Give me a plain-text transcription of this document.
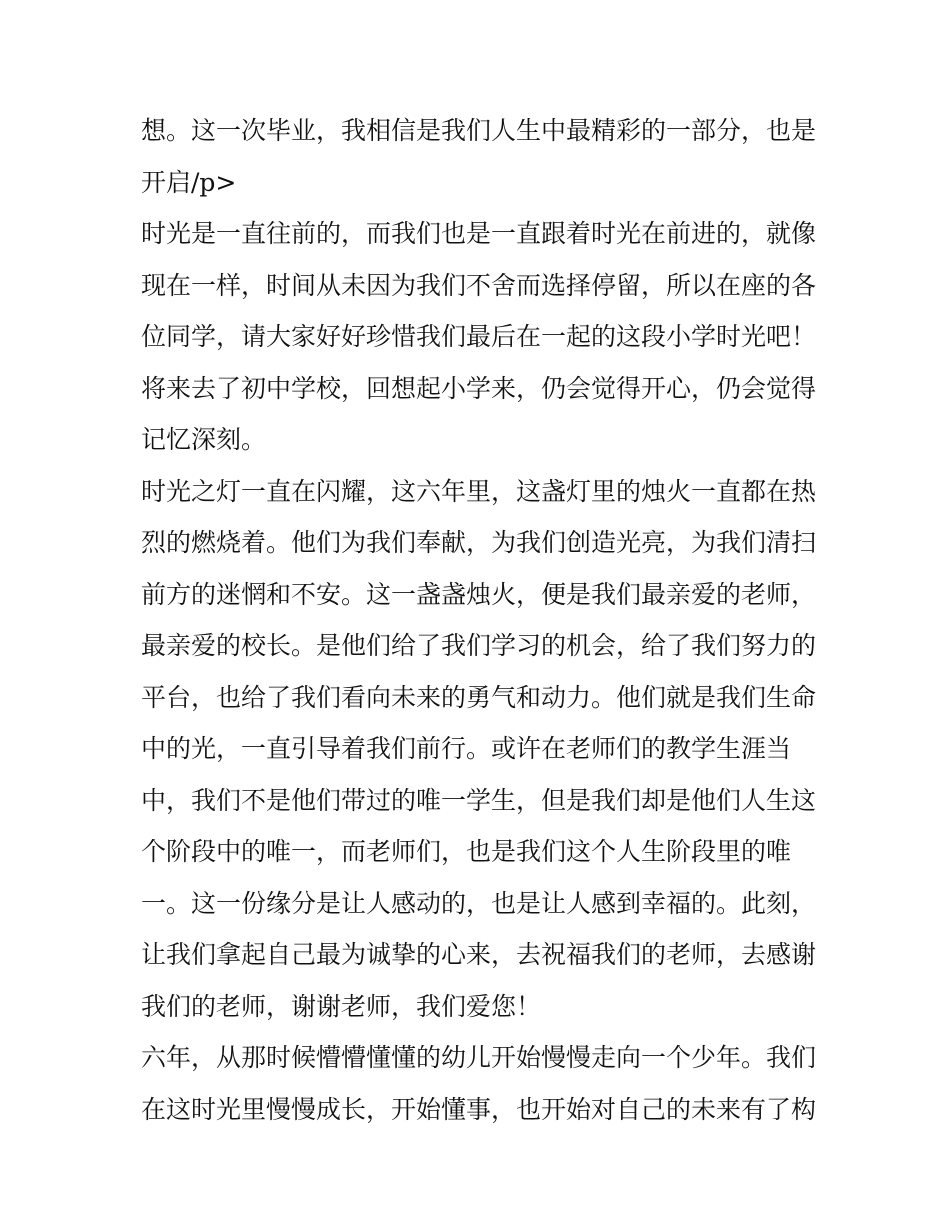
想。这一次毕业，我相信是我们人生中最精彩的一部分，也是
开启/p>
时光是一直往前的，而我们也是一直跟着时光在前进的，就像
现在一样，时间从未因为我们不舍而选择停留，所以在座的各
位同学，请大家好好珍惜我们最后在一起的这段小学时光吧！
将来去了初中学校，回想起小学来，仍会觉得开心，仍会觉得
记忆深刻。
时光之灯一直在闪耀，这六年里，这盏灯里的烛火一直都在热
烈的燃烧着。他们为我们奉献，为我们创造光亮，为我们清扫
前方的迷惘和不安。这一盏盏烛火，便是我们最亲爱的老师，
最亲爱的校长。是他们给了我们学习的机会，给了我们努力的
平台，也给了我们看向未来的勇气和动力。他们就是我们生命
中的光，一直引导着我们前行。或许在老师们的教学生涯当
中，我们不是他们带过的唯一学生，但是我们却是他们人生这
个阶段中的唯一，而老师们，也是我们这个人生阶段里的唯
一。这一份缘分是让人感动的，也是让人感到幸福的。此刻，
让我们拿起自己最为诚挚的心来，去祝福我们的老师，去感谢
我们的老师，谢谢老师，我们爱您！
六年，从那时候懵懵懂懂的幼儿开始慢慢走向一个少年。我们
在这时光里慢慢成长，开始懂事，也开始对自己的未来有了构
